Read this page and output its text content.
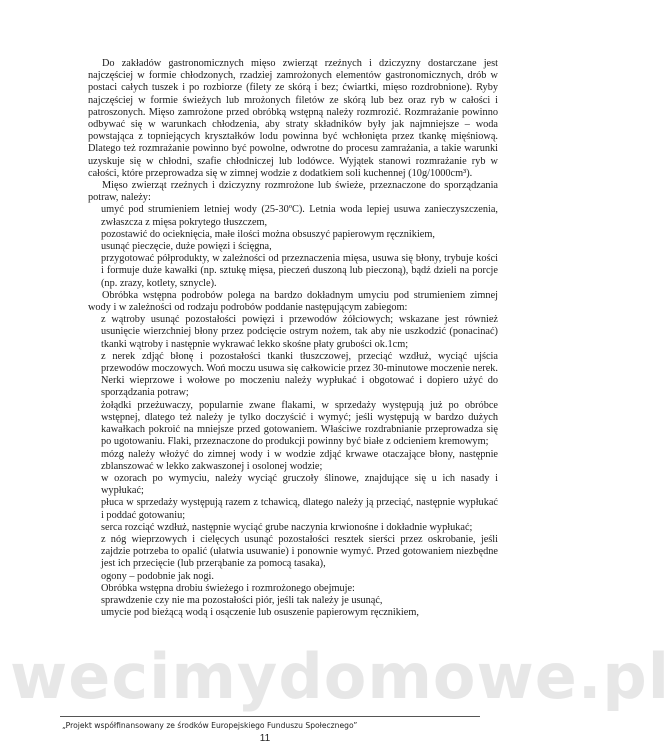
wecimydomowe.pl

Do zakładów gastronomicznych mięso zwierząt rzeźnych i dziczyzny dostarczane jest najczęściej w formie chłodzonych, rzadziej zamrożonych elementów gastronomicznych, drób w postaci całych tuszek i po rozbiorze (filety ze skórą i bez; ćwiartki, mięso rozdrobnione). Ryby najczęściej w formie świeżych lub mrożonych filetów ze skórą lub bez oraz ryb w całości i patroszonych. Mięso zamrożone przed obróbką wstępną należy rozmrozić. Rozmrażanie powinno odbywać się w warunkach chłodzenia, aby straty składników były jak najmniejsze – woda powstająca z topniejących kryształków lodu powinna być wchłonięta przez tkankę mięśniową. Dlatego też rozmrażanie powinno być powolne, odwrotne do procesu zamrażania, a takie warunki uzyskuje się w chłodni, szafie chłodniczej lub lodówce. Wyjątek stanowi rozmrażanie ryb w całości, które przeprowadza się w zimnej wodzie z dodatkiem soli kuchennej (10g/1000cm³).

Mięso zwierząt rzeźnych i dziczyzny rozmrożone lub świeże, przeznaczone do sporządzania potraw, należy:

umyć pod strumieniem letniej wody (25-30ºC). Letnia woda lepiej usuwa zanieczyszczenia, zwłaszcza z mięsa pokrytego tłuszczem,

pozostawić do ocieknięcia, małe ilości można obsuszyć papierowym ręcznikiem,

usunąć pieczęcie, duże powięzi i ścięgna,

przygotować półprodukty, w zależności od przeznaczenia mięsa, usuwa się błony, trybuje kości i formuje duże kawałki (np. sztukę mięsa, pieczeń duszoną lub pieczoną), bądź dzieli na porcje (np. zrazy, kotlety, sznycle).

Obróbka wstępna podrobów polega na bardzo dokładnym umyciu pod strumieniem zimnej wody i w zależności od rodzaju podrobów poddanie następującym zabiegom:

z wątroby usunąć pozostałości powięzi i przewodów żółciowych; wskazane jest również usunięcie wierzchniej błony przez podcięcie ostrym nożem, tak aby nie uszkodzić (ponacinać) tkanki wątroby i następnie wykrawać lekko skośne płaty grubości ok.1cm;

z nerek zdjąć błonę i pozostałości tkanki tłuszczowej, przeciąć wzdłuż, wyciąć ujścia przewodów moczowych. Woń moczu usuwa się całkowicie przez 30-minutowe moczenie nerek. Nerki wieprzowe i wołowe po moczeniu należy wypłukać i obgotować i dopiero użyć do sporządzania potraw;

żołądki przeżuwaczy, popularnie zwane flakami, w sprzedaży występują już po obróbce wstępnej, dlatego też należy je tylko doczyścić i wymyć; jeśli występują w bardzo dużych kawałkach pokroić na mniejsze przed gotowaniem. Właściwe rozdrabnianie przeprowadza się po ugotowaniu. Flaki, przeznaczone do produkcji powinny być białe z odcieniem kremowym;

mózg należy włożyć do zimnej wody i w wodzie zdjąć krwawe otaczające błony, następnie zblanszować w lekko zakwaszonej i osolonej wodzie;

w ozorach po wymyciu, należy wyciąć gruczoły ślinowe, znajdujące się u ich nasady i wypłukać;

płuca w sprzedaży występują razem z tchawicą, dlatego należy ją przeciąć, następnie wypłukać i poddać gotowaniu;

serca rozciąć wzdłuż, następnie wyciąć grube naczynia krwionośne i dokładnie wypłukać;

z nóg wieprzowych i cielęcych usunąć pozostałości resztek sierści przez oskrobanie, jeśli zajdzie potrzeba to opalić (ułatwia usuwanie) i ponownie wymyć. Przed gotowaniem niezbędne jest ich przecięcie (lub przerąbanie za pomocą tasaka),

ogony – podobnie jak nogi.

Obróbka wstępna drobiu świeżego i rozmrożonego obejmuje:

sprawdzenie czy nie ma pozostałości piór, jeśli tak należy je usunąć,

umycie pod bieżącą wodą i osączenie lub osuszenie papierowym ręcznikiem,

„Projekt współfinansowany ze środków Europejskiego Funduszu Społecznego”
11
